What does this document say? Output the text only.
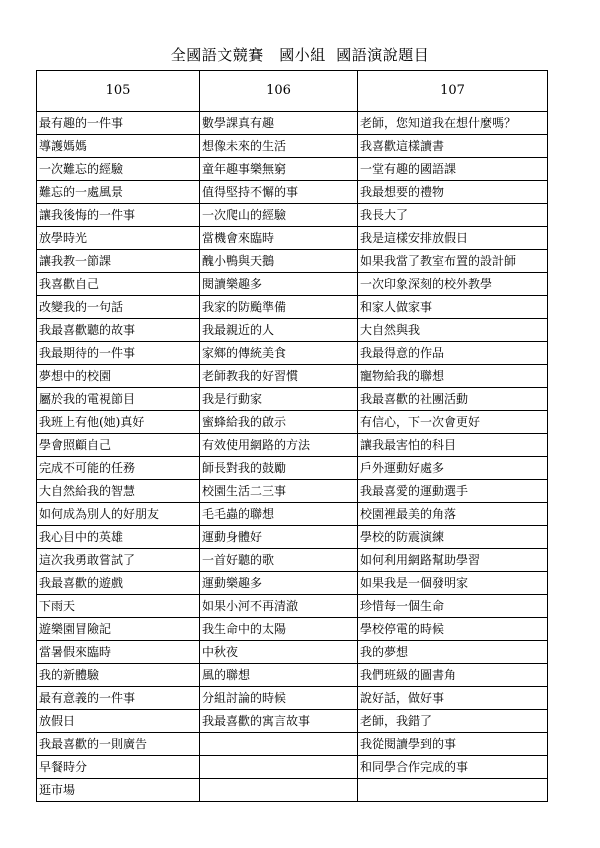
全國語文競賽　國小組  國語演說題目
105	106	107
最有趣的一件事	數學課真有趣	老師，您知道我在想什麼嗎？
導護媽媽	想像未來的生活	我喜歡這樣讀書
一次難忘的經驗	童年趣事樂無窮	一堂有趣的國語課
難忘的一處風景	值得堅持不懈的事	我最想要的禮物
讓我後悔的一件事	一次爬山的經驗	我長大了
放學時光	當機會來臨時	我是這樣安排放假日
讓我教一節課	醜小鴨與天鵝	如果我當了教室布置的設計師
我喜歡自己	閱讀樂趣多	一次印象深刻的校外教學
改變我的一句話	我家的防颱準備	和家人做家事
我最喜歡聽的故事	我最親近的人	大自然與我
我最期待的一件事	家鄉的傳統美食	我最得意的作品
夢想中的校園	老師教我的好習慣	寵物給我的聯想
屬於我的電視節目	我是行動家	我最喜歡的社團活動
我班上有他(她)真好	蜜蜂給我的啟示	有信心，下一次會更好
學會照顧自己	有效使用網路的方法	讓我最害怕的科目
完成不可能的任務	師長對我的鼓勵	戶外運動好處多
大自然給我的智慧	校園生活二三事	我最喜愛的運動選手
如何成為別人的好朋友	毛毛蟲的聯想	校園裡最美的角落
我心目中的英雄	運動身體好	學校的防震演練
這次我勇敢嘗試了	一首好聽的歌	如何利用網路幫助學習
我最喜歡的遊戲	運動樂趣多	如果我是一個發明家
下雨天	如果小河不再清澈	珍惜每一個生命
遊樂園冒險記	我生命中的太陽	學校停電的時候
當暑假來臨時	中秋夜	我的夢想
我的新體驗	風的聯想	我們班級的圖書角
最有意義的一件事	分組討論的時候	說好話，做好事
放假日	我最喜歡的寓言故事	老師，我錯了
我最喜歡的一則廣告		我從閱讀學到的事
早餐時分		和同學合作完成的事
逛市場		
